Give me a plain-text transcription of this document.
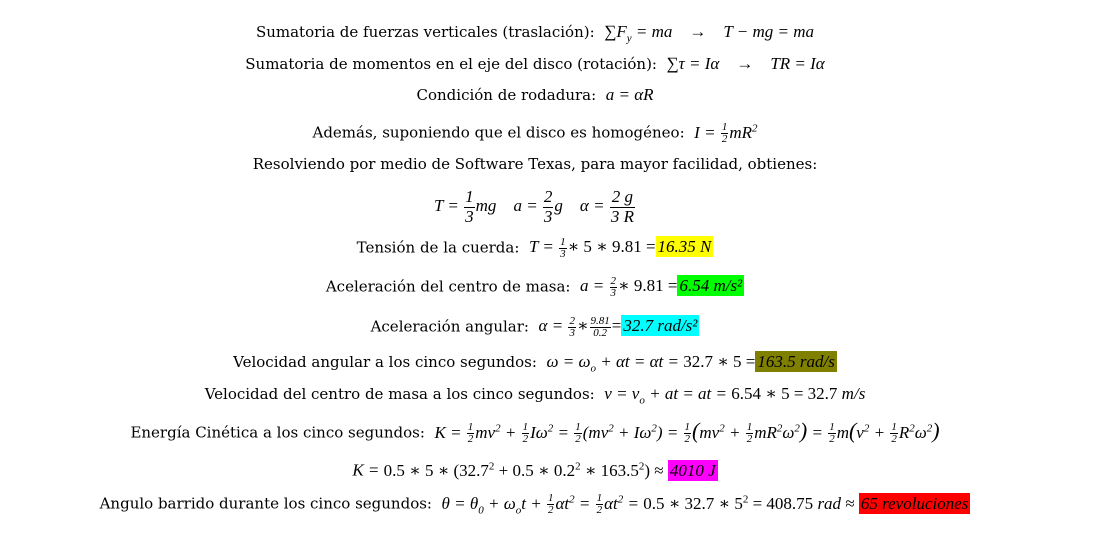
Sumatoria de fuerzas verticales (traslación): $\sum F_y$ = ma → T − mg = ma
Sumatoria de momentos en el eje del disco (rotación): ∑τ = Iα → TR = Iα
Condición de rodadura: a = αR
Además, suponiendo que el disco es homogéneo: $I = \frac{1}{2} mR^2$
Resolviendo por medio de Software Texas, para mayor facilidad, obtienes:
$T = \frac{1}{3}$ mg $a = \frac{2}{3}$ g $\alpha = \frac{2 g}{3 R}$
Tensión de la cuerda: $T = \frac{1}{3}$ ∗ 5 ∗ 9.81 = 16.35 N
Aceleración del centro de masa: $a = \frac{2}{3}$ ∗ 9.81 = 6.54 m/s²
Aceleración angular: $\alpha = \frac{2}{3}$ ∗ $\frac{9.81}{0.2} = 32.7$ rad/s²
Velocidad angular a los cinco segundos: $\omega = \omega_o + \alpha t = \alpha t = 32.7$ ∗ 5 = 163.5 rad/s
Velocidad del centro de masa a los cinco segundos: $v = v_o$ + at = at = 6.54 ∗ 5 = 32.7 m/s
Energía Cinética a los cinco segundos: $K = \frac{1}{2} mv^2 + \frac{1}{2} I\omega^2 = \frac{1}{2} (mv^2 + I\omega^2) = \frac{1}{2} (mv^2 + \frac{1}{2} mR^2\omega^2) = \frac{1}{2} m(v^2 + \frac{1}{2} R^2\omega^2)$
K = 0.5 ∗ 5 ∗ ($32.7^2 + 0.5$ ∗ $0.2^2$ ∗ $163.5^2) \approx 4010$ J
Angulo barrido durante los cinco segundos: $\theta = \theta_0 + \omega_ot + \frac{1}{2} \alpha t^2 = \frac{1}{2} \alpha t^2 = 0.5$ ∗ 32.7 ∗ $5^2 = 408.75$ rad ≈ 65 revoluciones
